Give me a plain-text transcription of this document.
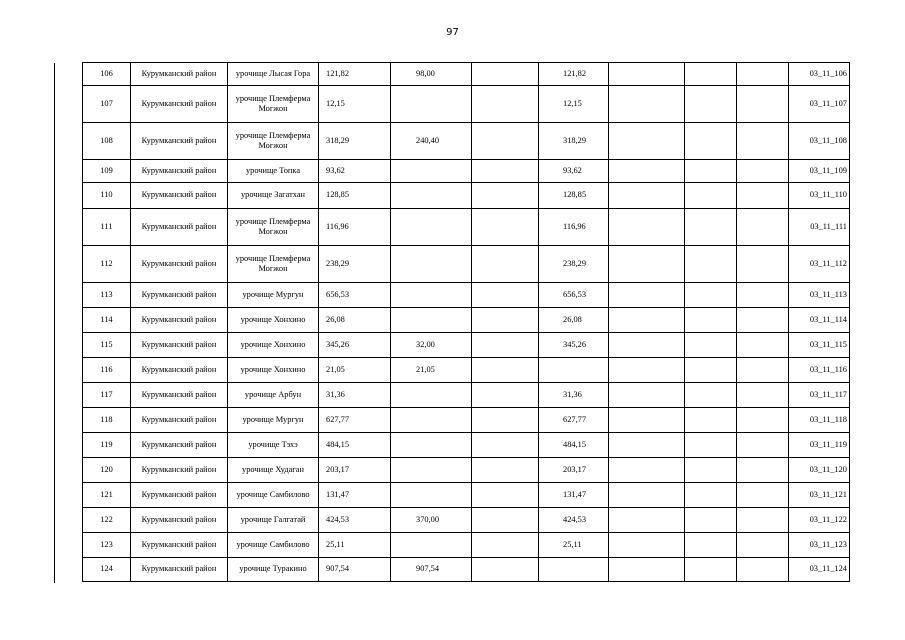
97
106	Курумканский район	урочище Лысая Гора	121,82	98,00		121,82				03_11_106
107	Курумканский район	урочище Племферма Могжон	12,15			12,15				03_11_107
108	Курумканский район	урочище Племферма Могжон	318,29	240,40		318,29				03_11_108
109	Курумканский район	урочище Топка	93,62			93,62				03_11_109
110	Курумканский район	урочище Загатхан	128,85			128,85				03_11_110
111	Курумканский район	урочище Племферма Могжон	116,96			116,96				03_11_111
112	Курумканский район	урочище Племферма Могжон	238,29			238,29				03_11_112
113	Курумканский район	урочище Мургун	656,53			656,53				03_11_113
114	Курумканский район	урочище Хонхино	26,08			26,08				03_11_114
115	Курумканский район	урочище Хонхино	345,26	32,00		345,26				03_11_115
116	Курумканский район	урочище Хонхино	21,05	21,05						03_11_116
117	Курумканский район	урочище Арбун	31,36			31,36				03_11_117
118	Курумканский район	урочище Мургун	627,77			627,77				03_11_118
119	Курумканский район	урочище Тэхэ	484,15			484,15				03_11_119
120	Курумканский район	урочище Худаган	203,17			203,17				03_11_120
121	Курумканский район	урочище Самбилово	131,47			131,47				03_11_121
122	Курумканский район	урочище Галгатай	424,53	370,00		424,53				03_11_122
123	Курумканский район	урочище Самбилово	25,11			25,11				03_11_123
124	Курумканский район	урочище Туракино	907,54	907,54						03_11_124
